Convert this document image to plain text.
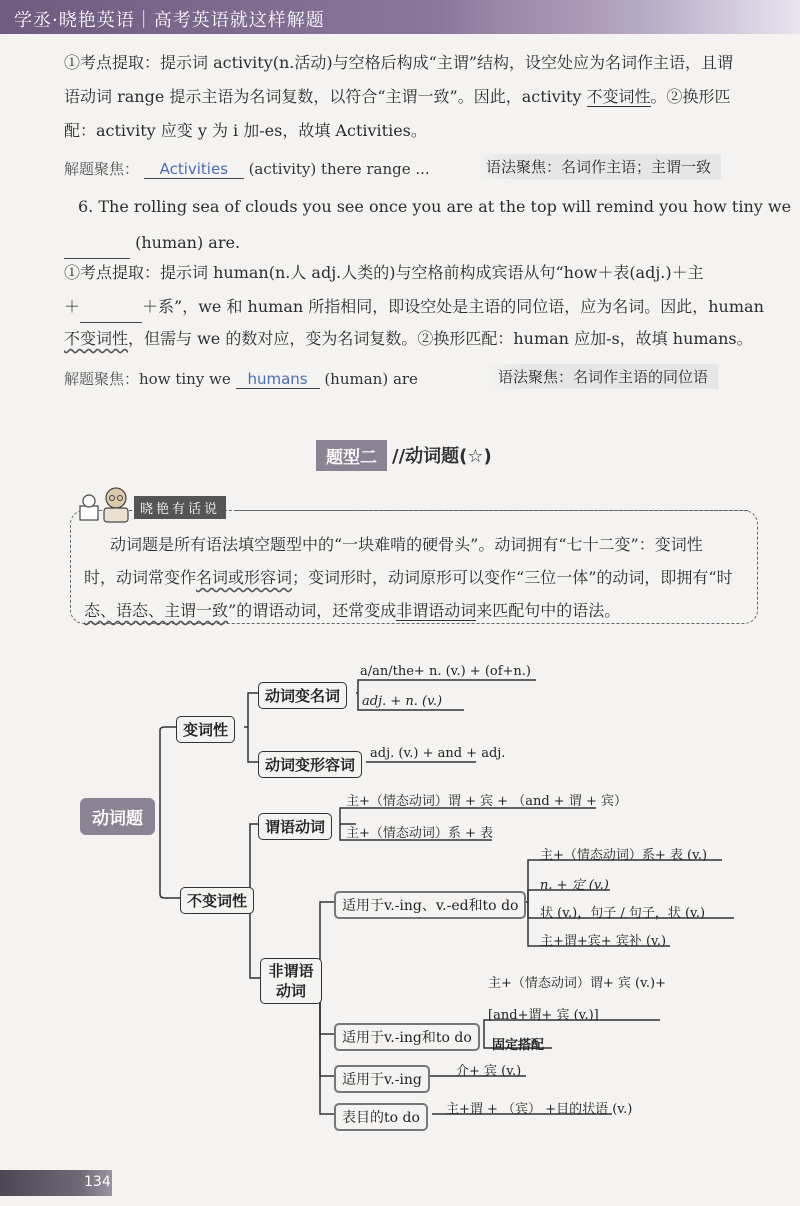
学丞·晓艳英语｜高考英语就这样解题
①考点提取：提示词 activity(n.活动)与空格后构成“主谓”结构，设空处应为名词作主语，且谓
语动词 range 提示主语为名词复数，以符合“主谓一致”。因此，activity 不变词性。②换形匹
配：activity 应变 y 为 i 加-es，故填 Activities。
解题聚焦： Activities (activity) there range ...	语法聚焦：名词作主语；主谓一致
6. The rolling sea of clouds you see once you are at the top will remind you how tiny we
(human) are.
①考点提取：提示词 human(n.人 adj.人类的)与空格前构成宾语从句“how＋表(adj.)＋主
＋	＋系”，we 和 human 所指相同，即设空处是主语的同位语，应为名词。因此，human
不变词性，但需与 we 的数对应，变为名词复数。②换形匹配：human 应加-s，故填 humans。
解题聚焦：how tiny we humans (human) are	语法聚焦：名词作主语的同位语
题型二 //动词题(☆)
晓艳有话说
动词题是所有语法填空题型中的“一块难啃的硬骨头”。动词拥有“七十二变”：变词性
时，动词常变作名词或形容词；变词形时，动词原形可以变作“三位一体”的动词，即拥有“时
态、语态、主谓一致”的谓语动词，还常变成非谓语动词来匹配句中的语法。
动词题
变词性
动词变名词
a/an/the+ n. (v.) + (of+n.)
adj. + n. (v.)
动词变形容词
adj. (v.) + and + adj.
不变词性
谓语动词
主+（情态动词）谓 + 宾 + （and + 谓 + 宾）
主+（情态动词）系 + 表
非谓语动词
适用于v.-ing、v.-ed和to do
主+（情态动词）系+ 表 (v.)
n. + 定 (v.)
状 (v.)，句子 / 句子，状 (v.)
主+谓+宾+ 宾补 (v.)
适用于v.-ing和to do
主+（情态动词）谓+ 宾 (v.)+
[and+谓+ 宾 (v.)]
固定搭配
适用于v.-ing
介+ 宾 (v.)
表目的to do
主+谓 + （宾） +目的状语 (v.)
134
